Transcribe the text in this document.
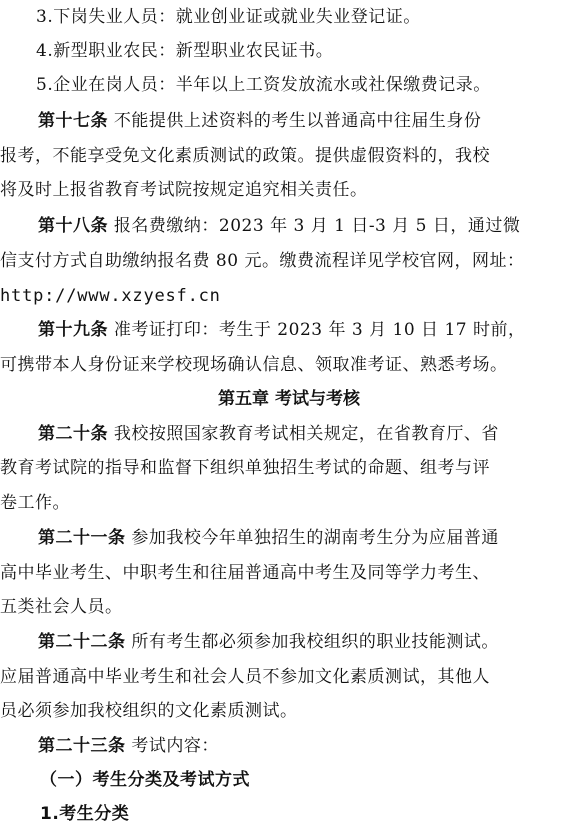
3.下岗失业人员：就业创业证或就业失业登记证。
4.新型职业农民：新型职业农民证书。
5.企业在岗人员：半年以上工资发放流水或社保缴费记录。
第十七条 不能提供上述资料的考生以普通高中往届生身份
报考，不能享受免文化素质测试的政策。提供虚假资料的，我校
将及时上报省教育考试院按规定追究相关责任。
第十八条 报名费缴纳：2023 年 3 月 1 日-3 月 5 日，通过微
信支付方式自助缴纳报名费 80 元。缴费流程详见学校官网，网址：
http://www.xzyesf.cn
第十九条 准考证打印：考生于 2023 年 3 月 10 日 17 时前，
可携带本人身份证来学校现场确认信息、领取准考证、熟悉考场。
第五章 考试与考核
第二十条 我校按照国家教育考试相关规定，在省教育厅、省
教育考试院的指导和监督下组织单独招生考试的命题、组考与评
卷工作。
第二十一条 参加我校今年单独招生的湖南考生分为应届普通
高中毕业考生、中职考生和往届普通高中考生及同等学力考生、
五类社会人员。
第二十二条 所有考生都必须参加我校组织的职业技能测试。
应届普通高中毕业考生和社会人员不参加文化素质测试，其他人
员必须参加我校组织的文化素质测试。
第二十三条 考试内容：
（一）考生分类及考试方式
1.考生分类
